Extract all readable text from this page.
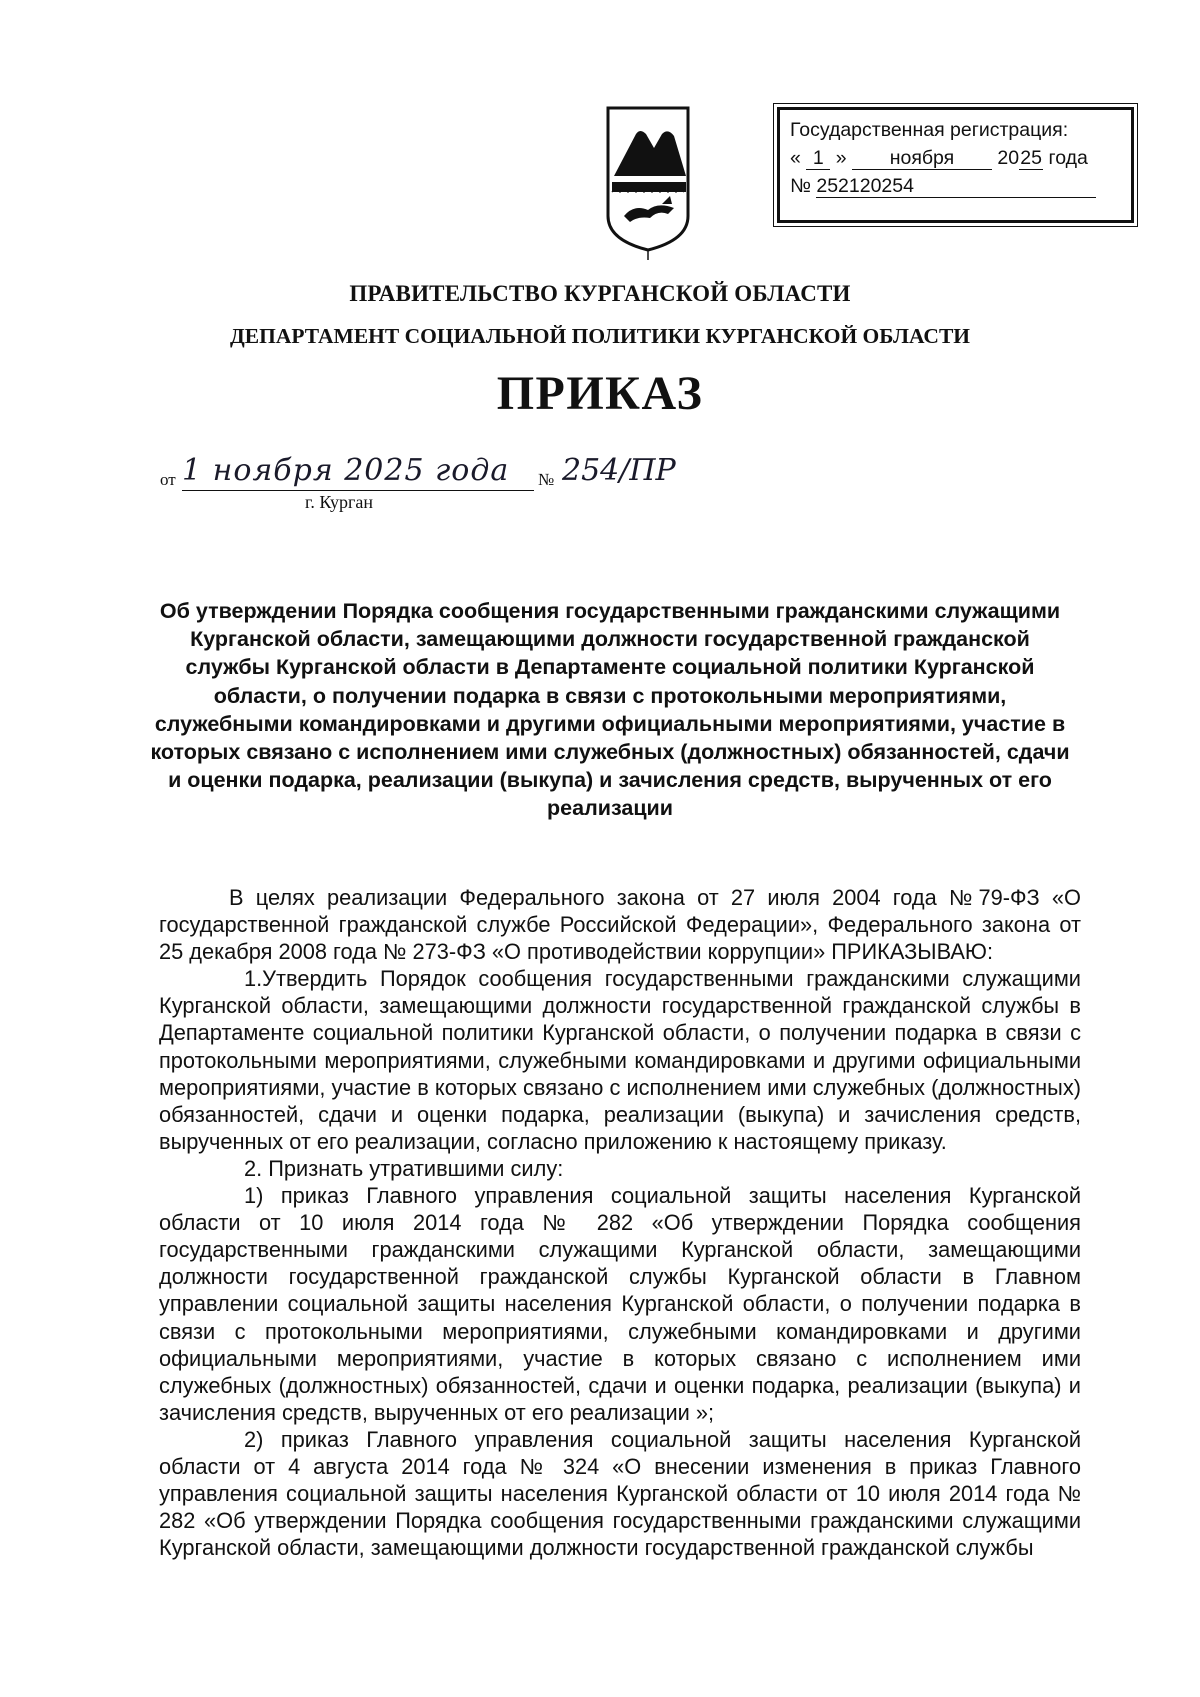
Государственная регистрация:
« 1 » ноября 2025 года
№ 252120254
ПРАВИТЕЛЬСТВО КУРГАНСКОЙ ОБЛАСТИ
ДЕПАРТАМЕНТ СОЦИАЛЬНОЙ ПОЛИТИКИ КУРГАНСКОЙ ОБЛАСТИ
ПРИКАЗ
от 1 ноября 2025 года	№ 254/ПР
г. Курган
Об утверждении Порядка сообщения государственными гражданскими служащими Курганской области, замещающими должности государственной гражданской службы Курганской области в Департаменте социальной политики Курганской области, о получении подарка в связи с протокольными мероприятиями, служебными командировками и другими официальными мероприятиями, участие в которых связано с исполнением ими служебных (должностных) обязанностей, сдачи и оценки подарка, реализации (выкупа) и зачисления средств, вырученных от его реализации

В целях реализации Федерального закона от 27 июля 2004 года №79-ФЗ «О государственной гражданской службе Российской Федерации», Федерального закона от 25 декабря 2008 года № 273-ФЗ «О противодействии коррупции» ПРИКАЗЫВАЮ:

1.Утвердить Порядок сообщения государственными гражданскими служащими Курганской области, замещающими должности государственной гражданской службы в Департаменте социальной политики Курганской области, о получении подарка в связи с протокольными мероприятиями, служебными командировками и другими официальными мероприятиями, участие в которых связано с исполнением ими служебных (должностных) обязанностей, сдачи и оценки подарка, реализации (выкупа) и зачисления средств, вырученных от его реализации, согласно приложению к настоящему приказу.

2. Признать утратившими силу:

1) приказ Главного управления социальной защиты населения Курганской области от 10 июля 2014 года № 282 «Об утверждении Порядка сообщения государственными гражданскими служащими Курганской области, замещающими должности государственной гражданской службы Курганской области в Главном управлении социальной защиты населения Курганской области, о получении подарка в связи с протокольными мероприятиями, служебными командировками и другими официальными мероприятиями, участие в которых связано с исполнением ими служебных (должностных) обязанностей, сдачи и оценки подарка, реализации (выкупа) и зачисления средств, вырученных от его реализации »;

2) приказ Главного управления социальной защиты населения Курганской области от 4 августа 2014 года № 324 «О внесении изменения в приказ Главного управления социальной защиты населения Курганской области от 10 июля 2014 года № 282 «Об утверждении Порядка сообщения государственными гражданскими служащими Курганской области, замещающими должности государственной гражданской службы
